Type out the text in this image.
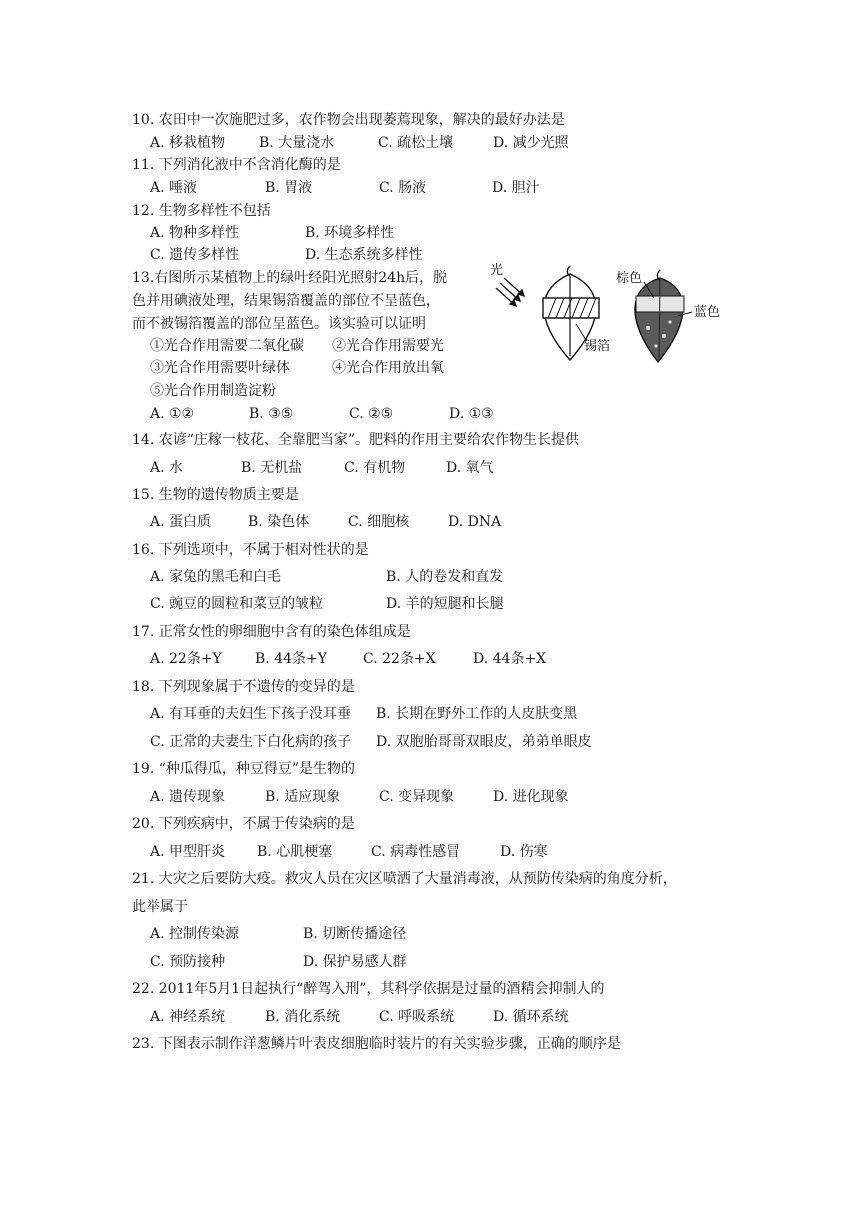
10. 农田中一次施肥过多，农作物会出现萎蔫现象，解决的最好办法是
A. 移栽植物 B. 大量浇水	C. 疏松土壤	D. 减少光照
11. 下列消化液中不含消化酶的是
A. 唾液	B. 胃液	C. 肠液	D. 胆汁
12. 生物多样性不包括
A. 物种多样性	B. 环境多样性
C. 遗传多样性	D. 生态系统多样性
13.右图所示某植物上的绿叶经阳光照射24h后，脱
色并用碘液处理，结果锡箔覆盖的部位不呈蓝色，
而不被锡箔覆盖的部位呈蓝色。该实验可以证明
①光合作用需要二氧化碳 ②光合作用需要光
③光合作用需要叶绿体	④光合作用放出氧
⑤光合作用制造淀粉
A. ①②	B. ③⑤	C. ②⑤	D. ①③
光
锡箔
棕色
蓝色
14. 农谚“庄稼一枝花、全靠肥当家”。肥料的作用主要给农作物生长提供
A. 水	B. 无机盐	C. 有机物	D. 氧气
15. 生物的遗传物质主要是
A. 蛋白质	B. 染色体	C. 细胞核	D. DNA
16. 下列选项中，不属于相对性状的是
A. 家兔的黑毛和白毛	B. 人的卷发和直发
C. 豌豆的圆粒和菜豆的皱粒	D. 羊的短腿和长腿
17. 正常女性的卵细胞中含有的染色体组成是
A. 22条+Y B. 44条+Y	C. 22条+X	D. 44条+X
18. 下列现象属于不遗传的变异的是
A. 有耳垂的夫妇生下孩子没耳垂 B. 长期在野外工作的人皮肤变黑
C. 正常的夫妻生下白化病的孩子 D. 双胞胎哥哥双眼皮，弟弟单眼皮
19. “种瓜得瓜，种豆得豆”是生物的
A. 遗传现象	B. 适应现象	C. 变异现象	D. 进化现象
20. 下列疾病中，不属于传染病的是
A. 甲型肝炎 B. 心肌梗塞	C. 病毒性感冒	D. 伤寒
21. 大灾之后要防大疫。救灾人员在灾区喷洒了大量消毒液，从预防传染病的角度分析，
此举属于
A. 控制传染源	B. 切断传播途径
C. 预防接种	D. 保护易感人群
22. 2011年5月1日起执行“醉驾入刑”，其科学依据是过量的酒精会抑制人的
A. 神经系统	B. 消化系统	C. 呼吸系统	D. 循环系统
23. 下图表示制作洋葱鳞片叶表皮细胞临时装片的有关实验步骤，正确的顺序是
